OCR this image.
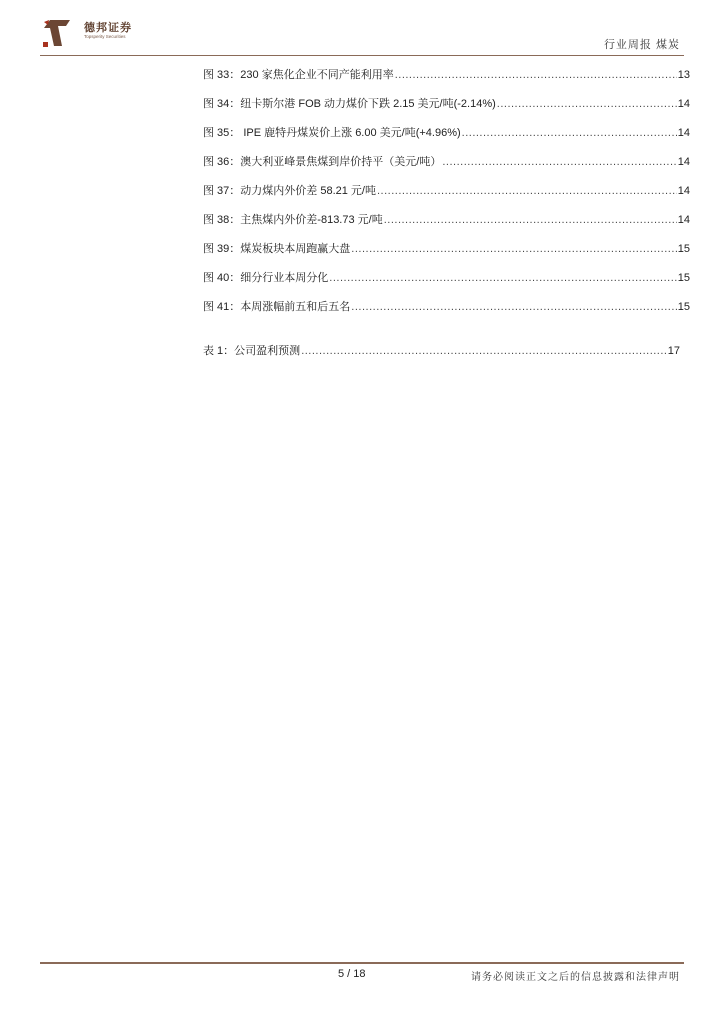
德邦证券
Topsperity Securities
行业周报 煤炭
图 33：230 家焦化企业不同产能利用率 .....	13
图 34：纽卡斯尔港 FOB 动力煤价下跌 2.15 美元/吨(-2.14%) .....	14
图 35： IPE 鹿特丹煤炭价上涨 6.00 美元/吨(+4.96%) .....	14
图 36：澳大利亚峰景焦煤到岸价持平（美元/吨） .....	14
图 37：动力煤内外价差 58.21 元/吨 .....	14
图 38：主焦煤内外价差-813.73 元/吨 .....	14
图 39：煤炭板块本周跑赢大盘 .....	15
图 40：细分行业本周分化 .....	15
图 41：本周涨幅前五和后五名 .....	15
表 1：公司盈利预测 .....	17
5 / 18	请务必阅读正文之后的信息披露和法律声明
